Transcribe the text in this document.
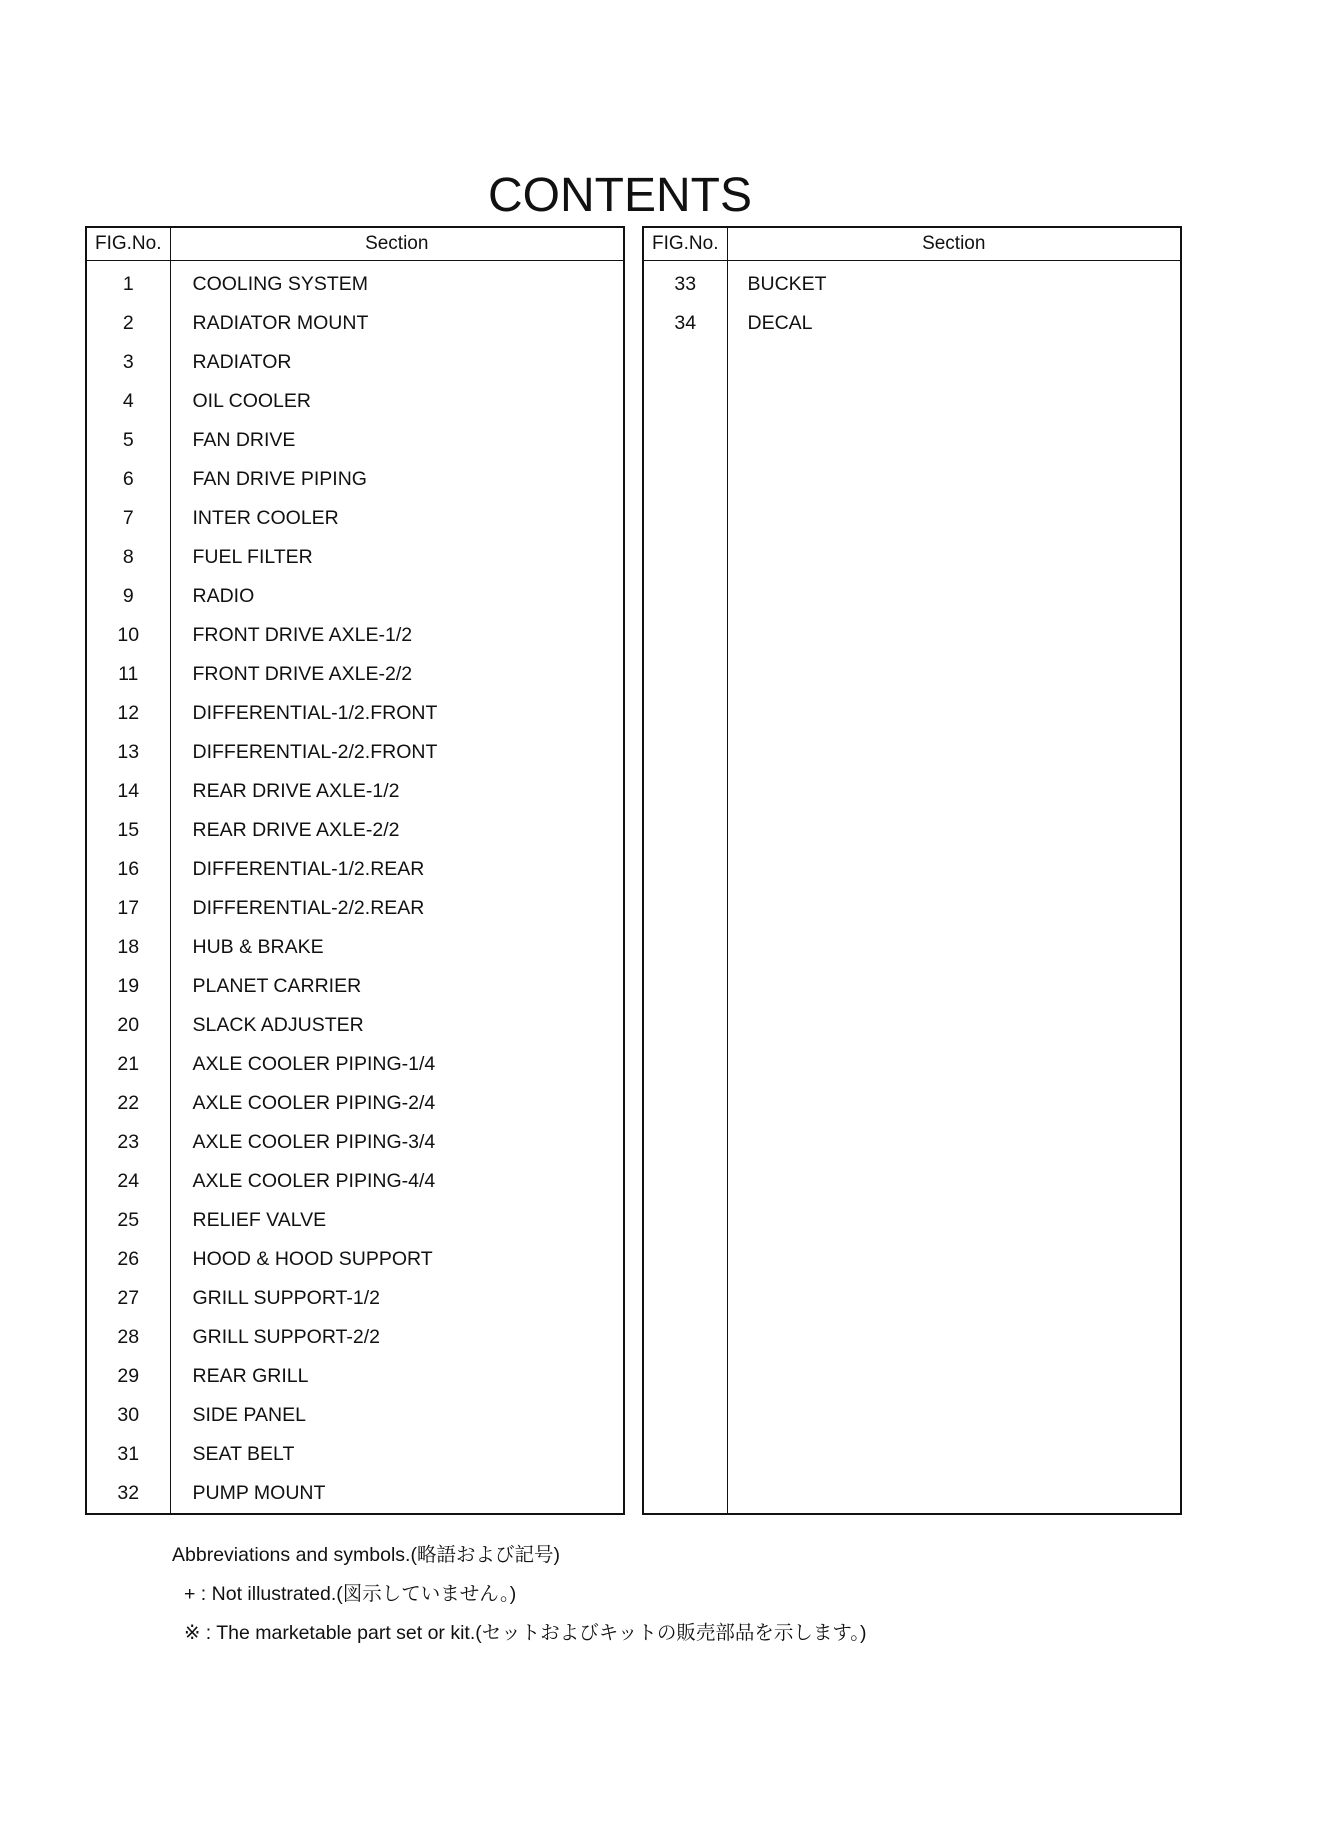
CONTENTS
FIG.No.	Section
1	COOLING SYSTEM
2	RADIATOR MOUNT
3	RADIATOR
4	OIL COOLER
5	FAN DRIVE
6	FAN DRIVE PIPING
7	INTER COOLER
8	FUEL FILTER
9	RADIO
10	FRONT DRIVE AXLE-1/2
11	FRONT DRIVE AXLE-2/2
12	DIFFERENTIAL-1/2.FRONT
13	DIFFERENTIAL-2/2.FRONT
14	REAR DRIVE AXLE-1/2
15	REAR DRIVE AXLE-2/2
16	DIFFERENTIAL-1/2.REAR
17	DIFFERENTIAL-2/2.REAR
18	HUB & BRAKE
19	PLANET CARRIER
20	SLACK ADJUSTER
21	AXLE COOLER PIPING-1/4
22	AXLE COOLER PIPING-2/4
23	AXLE COOLER PIPING-3/4
24	AXLE COOLER PIPING-4/4
25	RELIEF VALVE
26	HOOD & HOOD SUPPORT
27	GRILL SUPPORT-1/2
28	GRILL SUPPORT-2/2
29	REAR GRILL
30	SIDE PANEL
31	SEAT BELT
32	PUMP MOUNT
FIG.No.	Section
33	BUCKET
34	DECAL

Abbreviations and symbols.(略語および記号)
+ : Not illustrated.(図示していません。)
※ : The marketable part set or kit.(セットおよびキットの販売部品を示します。)
